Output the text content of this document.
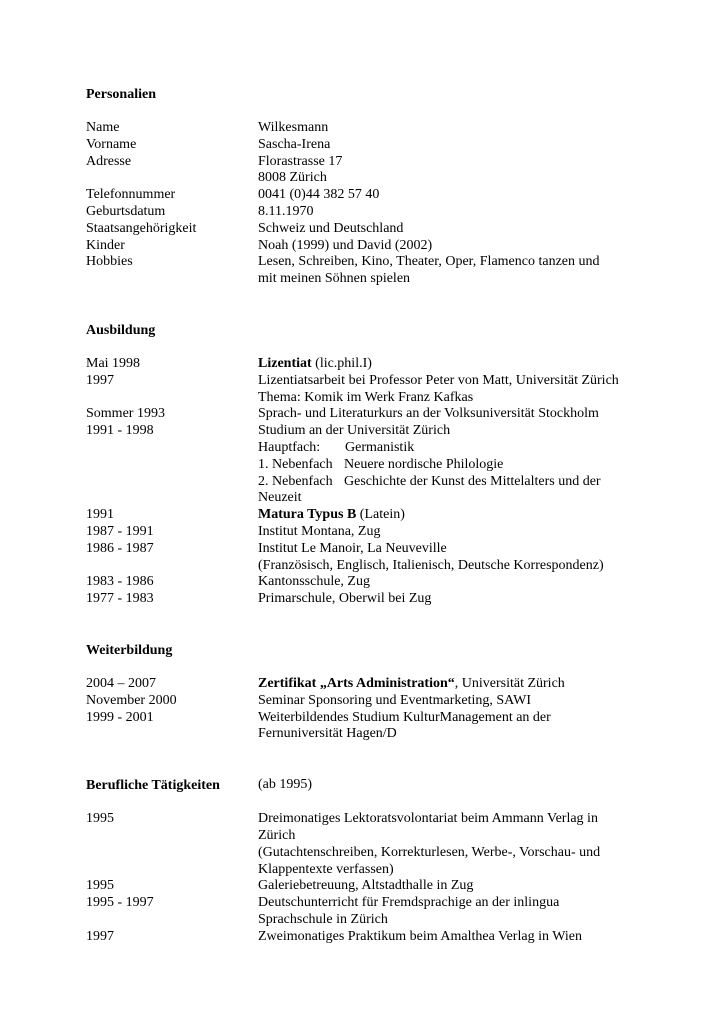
Personalien
Name	Wilkesmann
Vorname	Sascha-Irena
Adresse	Florastrasse 17
8008 Zürich
Telefonnummer	0041 (0)44 382 57 40
Geburtsdatum	8.11.1970
Staatsangehörigkeit	Schweiz und Deutschland
Kinder	Noah (1999) und David (2002)
Hobbies	Lesen, Schreiben, Kino, Theater, Oper, Flamenco tanzen und
mit meinen Söhnen spielen
Ausbildung
Mai 1998	Lizentiat (lic.phil.I)
1997	Lizentiatsarbeit bei Professor Peter von Matt, Universität Zürich
Thema: Komik im Werk Franz Kafkas
Sommer 1993	Sprach- und Literaturkurs an der Volksuniversität Stockholm
1991 - 1998	Studium an der Universität Zürich
Hauptfach: Germanistik
1. Nebenfach Neuere nordische Philologie
2. Nebenfach Geschichte der Kunst des Mittelalters und der
Neuzeit
1991	Matura Typus B (Latein)
1987 - 1991	Institut Montana, Zug
1986 - 1987	Institut Le Manoir, La Neuveville
(Französisch, Englisch, Italienisch, Deutsche Korrespondenz)
1983 - 1986	Kantonsschule, Zug
1977 - 1983	Primarschule, Oberwil bei Zug
Weiterbildung
2004 – 2007	Zertifikat „Arts Administration“, Universität Zürich
November 2000	Seminar Sponsoring und Eventmarketing, SAWI
1999 - 2001	Weiterbildendes Studium KulturManagement an der
Fernuniversität Hagen/D
Berufliche Tätigkeiten	(ab 1995)
1995	Dreimonatiges Lektoratsvolontariat beim Ammann Verlag in
Zürich
(Gutachtenschreiben, Korrekturlesen, Werbe-, Vorschau- und
Klappentexte verfassen)
1995	Galeriebetreuung, Altstadthalle in Zug
1995 - 1997	Deutschunterricht für Fremdsprachige an der inlingua
Sprachschule in Zürich
1997	Zweimonatiges Praktikum beim Amalthea Verlag in Wien
